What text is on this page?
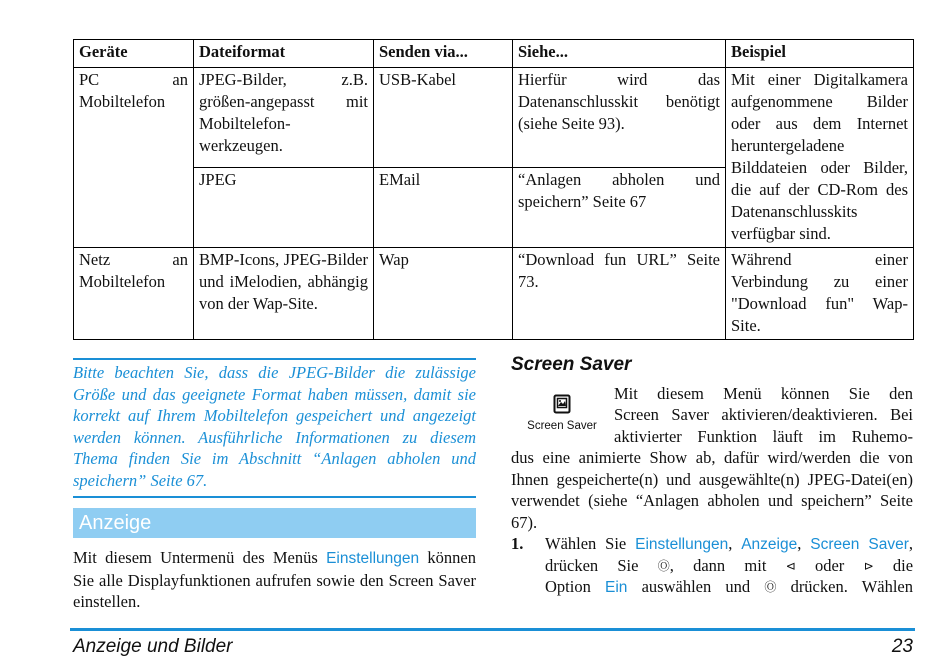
Geräte	Dateiformat	Senden via...	Siehe...	Beispiel
PC an Mobiltelefon	JPEG-Bilder, z.B. größen-angepasst mit Mobiltelefon-werkzeugen.	USB-Kabel	Hierfür wird das Datenanschlusskit benötigt (siehe Seite 93).	Mit einer Digitalkamera aufgenommene Bilder oder aus dem Internet heruntergeladene Bilddateien oder Bilder, die auf der CD-Rom des Datenanschlusskits verfügbar sind.
	JPEG	EMail	“Anlagen abholen und speichern” Seite 67	
Netz an Mobiltelefon	BMP-Icons, JPEG-Bilder und iMelodien, abhängig von der Wap-Site.	Wap	“Download fun URL” Seite 73.	Während einer Verbindung zu einer "Download fun" Wap-Site.
Bitte beachten Sie, dass die JPEG-Bilder die zulässige Größe und das geeignete Format haben müssen, damit sie korrekt auf Ihrem Mobiltelefon gespeichert und angezeigt werden können. Ausführliche Informationen zu diesem Thema finden Sie im Abschnitt “Anlagen abholen und speichern” Seite 67.
Anzeige
Mit diesem Untermenü des Menüs Einstellungen können Sie alle Displayfunktionen aufrufen sowie den Screen Saver einstellen.
Screen Saver
Screen Saver
Mit diesem Menü können Sie den
Screen Saver aktivieren/deaktivieren. Bei
aktivierter Funktion läuft im Ruhemo-
dus eine animierte Show ab, dafür wird/werden die von Ihnen gespeicherte(n) und ausgewählte(n) JPEG-Datei(en) verwendet (siehe “Anlagen abholen und speichern” Seite 67).
1. Wählen Sie Einstellungen, Anzeige, Screen Saver,
drücken Sie Ⓞ, dann mit ⊲ oder ⊳ die
Option Ein auswählen und Ⓞ drücken. Wählen
Anzeige und Bilder	23
